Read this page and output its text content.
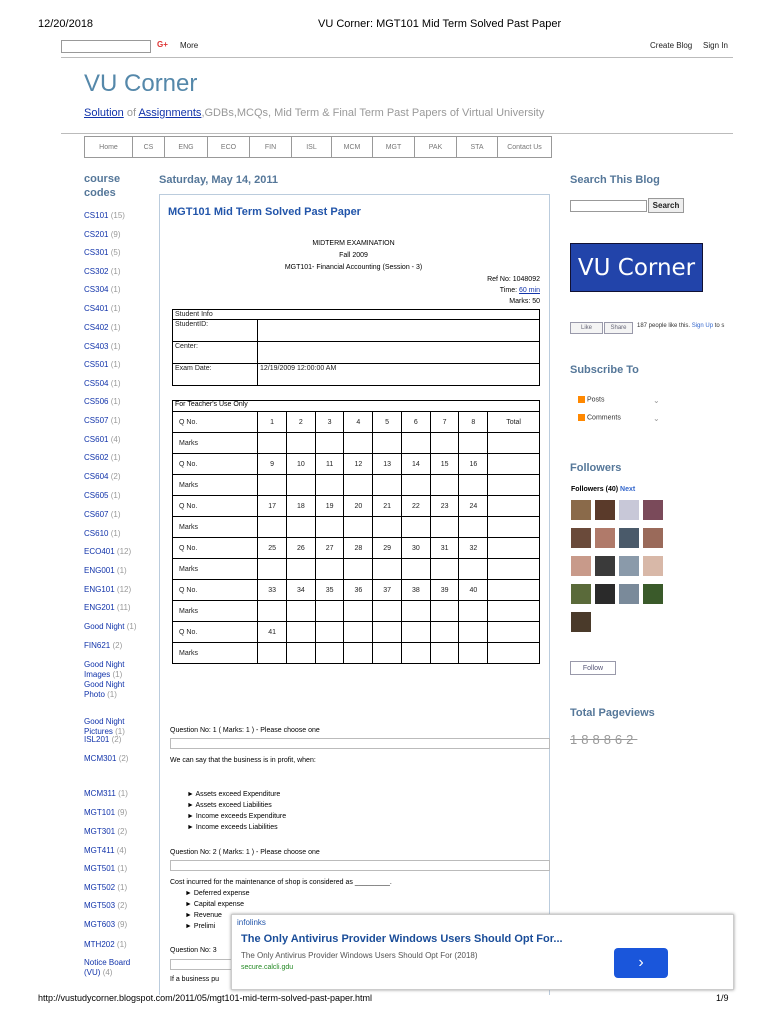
12/20/2018	VU Corner: MGT101 Mid Term Solved Past Paper
G+ More	Create Blog Sign In
VU Corner
Solution of Assignments,GDBs,MCQs, Mid Term & Final Term Past Papers of Virtual University
Home	CS	ENG	ECO	FIN	ISL	MCM	MGT	PAK	STA	Contact Us
course codes
CS101 (15)
CS201 (9)
CS301 (5)
CS302 (1)
CS304 (1)
CS401 (1)
CS402 (1)
CS403 (1)
CS501 (1)
CS504 (1)
CS506 (1)
CS507 (1)
CS601 (4)
CS602 (1)
CS604 (2)
CS605 (1)
CS607 (1)
CS610 (1)
ECO401 (12)
ENG001 (1)
ENG101 (12)
ENG201 (11)
FIN621 (2)
Good Night (1)
Good Night Images (1)
Good Night Photo (1)
Good Night Pictures (1)
ISL201 (2)
MCM301 (2)
MCM311 (1)
MGT101 (9)
MGT301 (2)
MGT411 (4)
MGT501 (1)
MGT502 (1)
MGT503 (2)
MGT603 (9)
MTH202 (1)
Notice Board (VU) (4)
Saturday, May 14, 2011
MGT101 Mid Term Solved Past Paper
MIDTERM EXAMINATION
Fall 2009
MGT101- Financial Accounting (Session - 3)
Ref No: 1048092
Time: 60 min
Marks: 50
Student Info	
StudentID:	
Center:	
Exam Date:	12/19/2009 12:00:00 AM
For Teacher's Use Only

Q No.	1	2	3	4	5	6	7	8	Total
Marks									
Q No.	9	10	11	12	13	14	15	16	
Marks									
Q No.	17	18	19	20	21	22	23	24	
Marks									
Q No.	25	26	27	28	29	30	31	32	
Marks									
Q No.	33	34	35	36	37	38	39	40	
Marks									
Q No.	41								
Marks									
Question No: 1 ( Marks: 1 ) - Please choose one
We can say that the business is in profit, when:
► Assets exceed Expenditure
► Assets exceed Liabilities
► Income exceeds Expenditure
► Income exceeds Liabilities
Question No: 2 ( Marks: 1 ) - Please choose one
Cost incurred for the maintenance of shop is considered as _________.
► Deferred expense
► Capital expense
► Revenue
► Prelimi
Question No: 3
If a business pu
Search This Blog
Search
VU Corner
Like	Share	187 people like this. Sign Up to s
Subscribe To
Posts	⌄
Comments	⌄
Followers
Followers (40) Next
Follow
Total Pageviews
188862
infolinks
The Only Antivirus Provider Windows Users Should Opt For...
The Only Antivirus Provider Windows Users Should Opt For (2018)
secure.calcli.gdu	›
http://vustudycorner.blogspot.com/2011/05/mgt101-mid-term-solved-past-paper.html	1/9
